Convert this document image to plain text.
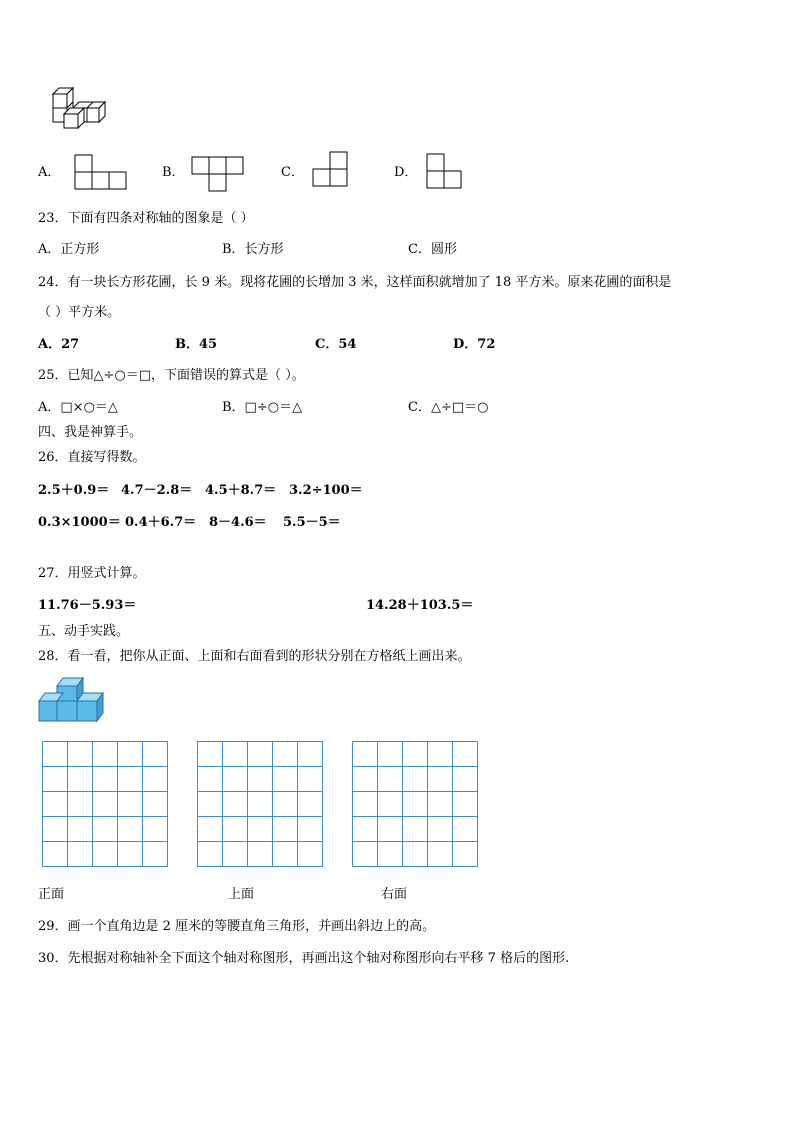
A．	B．	C．	D．
23．下面有四条对称轴的图象是（ ）
A．正方形	B．长方形	C．圆形
24．有一块长方形花圃，长 9 米。现将花圃的长增加 3 米，这样面积就增加了 18 平方米。原来花圃的面积是
（ ）平方米。
A．27	B．45	C．54	D．72
25．已知△÷○＝□，下面错误的算式是（ ）。
A．□×○＝△	B．□÷○＝△	C．△÷□＝○
四、我是神算手。
26．直接写得数。
2.5＋0.9＝ 4.7－2.8＝ 4.5＋8.7＝ 3.2÷100＝
0.3×1000＝ 0.4＋6.7＝ 8－4.6＝ 5.5－5＝
27．用竖式计算。
11.76－5.93＝	14.28＋103.5＝
五、动手实践。
28．看一看，把你从正面、上面和右面看到的形状分别在方格纸上画出来。
正面	上面	右面
29．画一个直角边是 2 厘米的等腰直角三角形，并画出斜边上的高。
30．先根据对称轴补全下面这个轴对称图形，再画出这个轴对称图形向右平移 7 格后的图形.
